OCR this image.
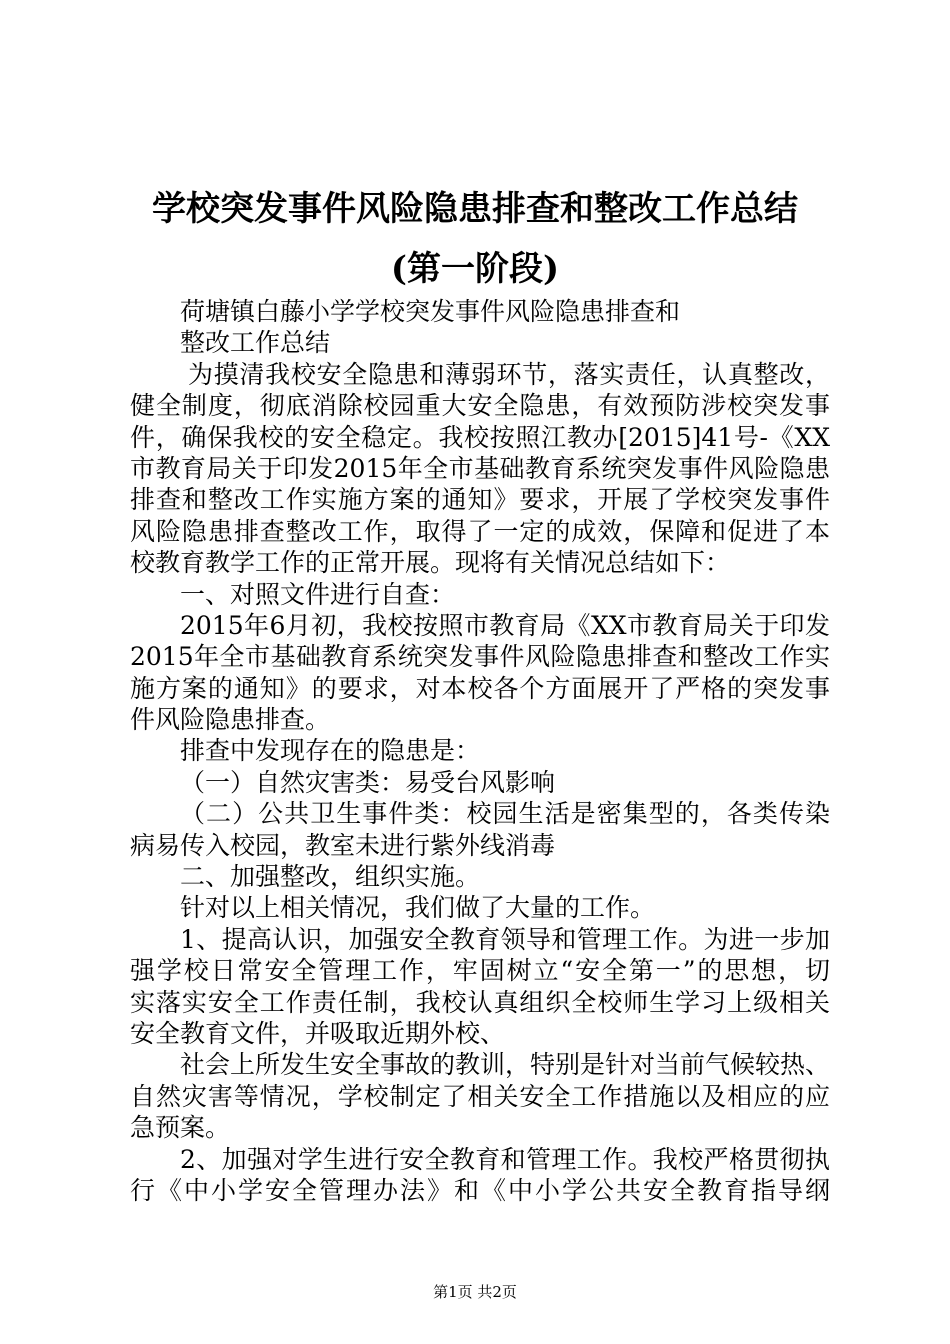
学校突发事件风险隐患排查和整改工作总结
(第一阶段)
荷塘镇白藤小学学校突发事件风险隐患排查和
整改工作总结
为摸清我校安全隐患和薄弱环节，落实责任，认真整改，
健全制度，彻底消除校园重大安全隐患，有效预防涉校突发事
件，确保我校的安全稳定。我校按照江教办[2015]41号-《XX
市教育局关于印发2015年全市基础教育系统突发事件风险隐患
排查和整改工作实施方案的通知》要求，开展了学校突发事件
风险隐患排查整改工作，取得了一定的成效，保障和促进了本
校教育教学工作的正常开展。现将有关情况总结如下：
一、对照文件进行自查：
2015年6月初，我校按照市教育局《XX市教育局关于印发
2015年全市基础教育系统突发事件风险隐患排查和整改工作实
施方案的通知》的要求，对本校各个方面展开了严格的突发事
件风险隐患排查。
排查中发现存在的隐患是：
（一）自然灾害类：易受台风影响
（二）公共卫生事件类：校园生活是密集型的，各类传染
病易传入校园，教室未进行紫外线消毒
二、加强整改，组织实施。
针对以上相关情况，我们做了大量的工作。
1、提高认识，加强安全教育领导和管理工作。为进一步加
强学校日常安全管理工作，牢固树立“安全第一”的思想，切
实落实安全工作责任制，我校认真组织全校师生学习上级相关
安全教育文件，并吸取近期外校、
社会上所发生安全事故的教训，特别是针对当前气候较热、
自然灾害等情况，学校制定了相关安全工作措施以及相应的应
急预案。
2、加强对学生进行安全教育和管理工作。我校严格贯彻执
行《中小学安全管理办法》和《中小学公共安全教育指导纲
第1页 共2页
